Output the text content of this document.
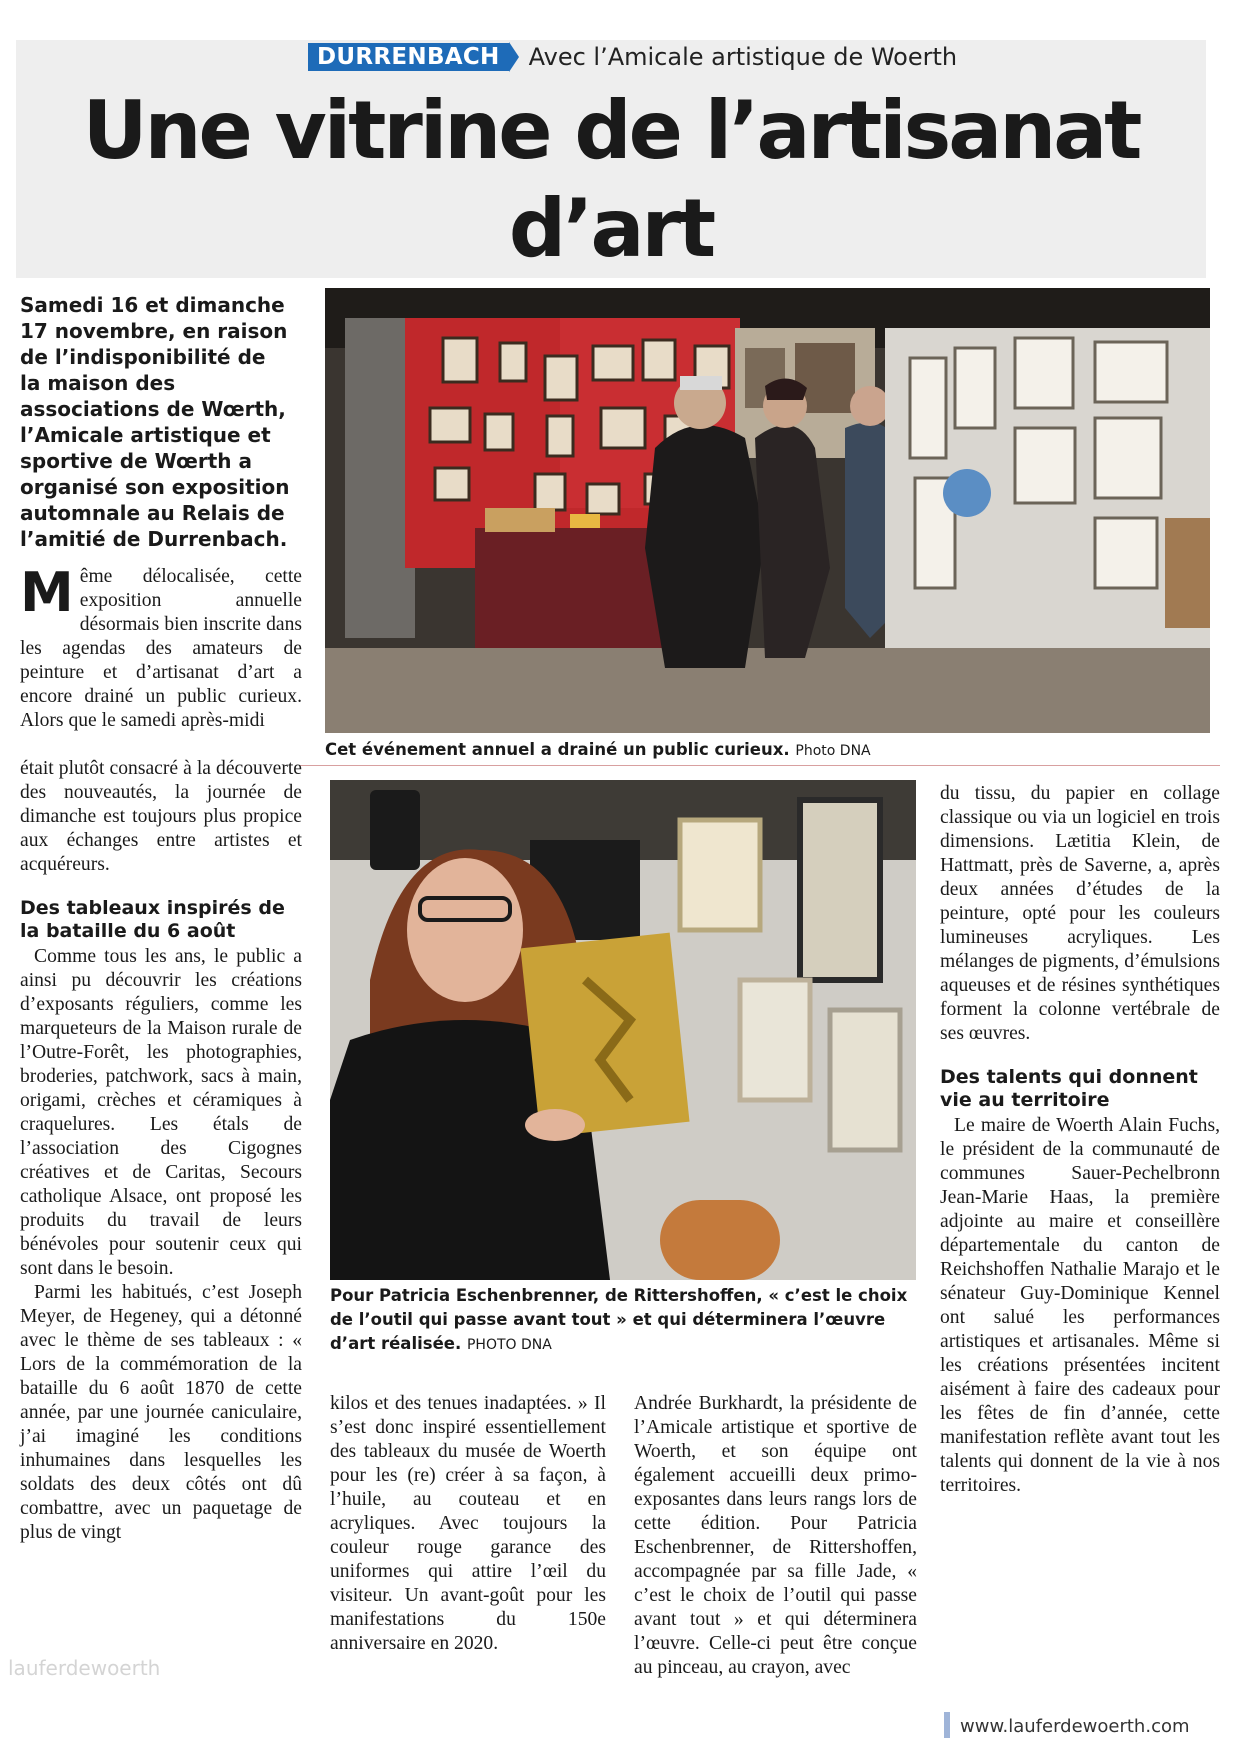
DURRENBACH	Avec l’Amicale artistique de Woerth
Une vitrine de l’artisanat d’art

Samedi 16 et dimanche 17 novembre, en raison de l’indisponibilité de la maison des associations de Wœrth, l’Amicale artistique et sportive de Wœrth a organisé son exposition automnale au Relais de l’amitié de Durrenbach.

Même délocalisée, cette exposition annuelle désormais bien inscrite dans les agendas des amateurs de peinture et d’artisanat d’art a encore drainé un public curieux. Alors que le samedi après-midi

était plutôt consacré à la découverte des nouveautés, la journée de dimanche est toujours plus propice aux échanges entre artistes et acquéreurs.

Des tableaux inspirés de la bataille du 6 août

Comme tous les ans, le public a ainsi pu découvrir les créations d’exposants réguliers, comme les marqueteurs de la Maison rurale de l’Outre-Forêt, les photographies, broderies, patchwork, sacs à main, origami, crèches et céramiques à craquelures. Les étals de l’association des Cigognes créatives et de Caritas, Secours catholique Alsace, ont proposé les produits du travail de leurs bénévoles pour soutenir ceux qui sont dans le besoin.

Parmi les habitués, c’est Joseph Meyer, de Hegeney, qui a détonné avec le thème de ses tableaux : « Lors de la commémoration de la bataille du 6 août 1870 de cette année, par une journée caniculaire, j’ai imaginé les conditions inhumaines dans lesquelles les soldats des deux côtés ont dû combattre, avec un paquetage de plus de vingt

kilos et des tenues inadaptées. » Il s’est donc inspiré essentiellement des tableaux du musée de Woerth pour les (re) créer à sa façon, à l’huile, au couteau et en acryliques. Avec toujours la couleur rouge garance des uniformes qui attire l’œil du visiteur. Un avant-goût pour les manifestations du 150e anniversaire en 2020.

Andrée Burkhardt, la présidente de l’Amicale artistique et sportive de Woerth, et son équipe ont également accueilli deux primo-exposantes dans leurs rangs lors de cette édition. Pour Patricia Eschenbrenner, de Rittershoffen, accompagnée par sa fille Jade, « c’est le choix de l’outil qui passe avant tout » et qui déterminera l’œuvre. Celle-ci peut être conçue au pinceau, au crayon, avec

du tissu, du papier en collage classique ou via un logiciel en trois dimensions. Lætitia Klein, de Hattmatt, près de Saverne, a, après deux années d’études de la peinture, opté pour les couleurs lumineuses acryliques. Les mélanges de pigments, d’émulsions aqueuses et de résines synthétiques forment la colonne vertébrale de ses œuvres.

Des talents qui donnent vie au territoire

Le maire de Woerth Alain Fuchs, le président de la communauté de communes Sauer-Pechelbronn Jean-Marie Haas, la première adjointe au maire et conseillère départementale du canton de Reichshoffen Nathalie Marajo et le sénateur Guy-Dominique Kennel ont salué les performances artistiques et artisanales. Même si les créations présentées incitent aisément à faire des cadeaux pour les fêtes de fin d’année, cette manifestation reflète avant tout les talents qui donnent de la vie à nos territoires.

Cet événement annuel a drainé un public curieux. Photo DNA

Pour Patricia Eschenbrenner, de Rittershoffen, « c’est le choix de l’outil qui passe avant tout » et qui déterminera l’œuvre d’art réalisée. PHOTO DNA

www.lauferdewoerth.com
lauferdewoerth
